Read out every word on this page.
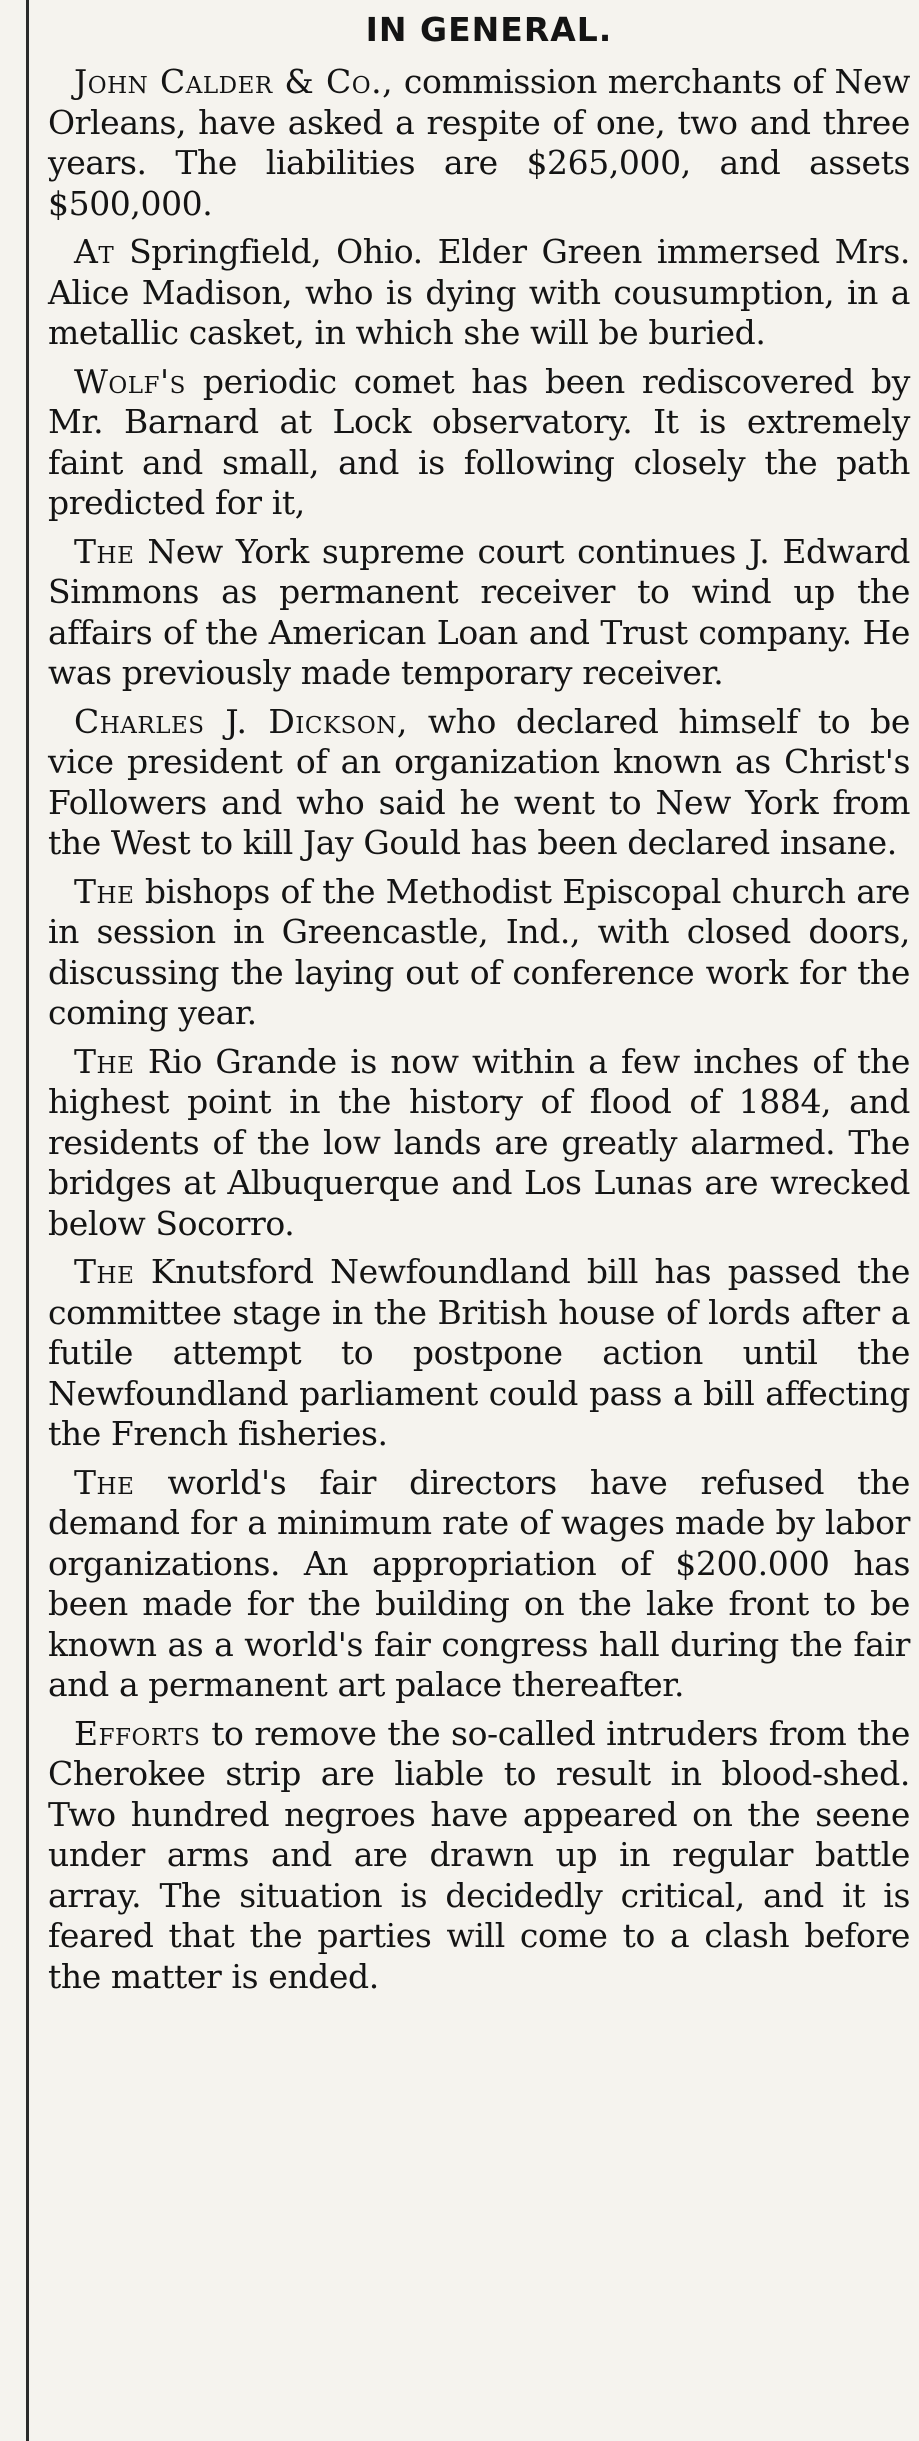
IN GENERAL.

John Calder & Co., commission merchants of New Orleans, have asked a respite of one, two and three years. The liabilities are $265,000, and assets $500,000.

At Springfield, Ohio. Elder Green immersed Mrs. Alice Madison, who is dying with cousumption, in a metallic casket, in which she will be buried.

Wolf's periodic comet has been rediscovered by Mr. Barnard at Lock observatory. It is extremely faint and small, and is following closely the path predicted for it,

The New York supreme court continues J. Edward Simmons as permanent receiver to wind up the affairs of the American Loan and Trust company. He was previously made temporary receiver.

Charles J. Dickson, who declared himself to be vice president of an organization known as Christ's Followers and who said he went to New York from the West to kill Jay Gould has been declared insane.

The bishops of the Methodist Episcopal church are in session in Greencastle, Ind., with closed doors, discussing the laying out of conference work for the coming year.

The Rio Grande is now within a few inches of the highest point in the history of flood of 1884, and residents of the low lands are greatly alarmed. The bridges at Albuquerque and Los Lunas are wrecked below Socorro.

The Knutsford Newfoundland bill has passed the committee stage in the British house of lords after a futile attempt to postpone action until the Newfoundland parliament could pass a bill affecting the French fisheries.

The world's fair directors have refused the demand for a minimum rate of wages made by labor organizations. An appropriation of $200.000 has been made for the building on the lake front to be known as a world's fair congress hall during the fair and a permanent art palace thereafter.

Efforts to remove the so-called intruders from the Cherokee strip are liable to result in blood-shed. Two hundred negroes have appeared on the seene under arms and are drawn up in regular battle array. The situation is decidedly critical, and it is feared that the parties will come to a clash before the matter is ended.
